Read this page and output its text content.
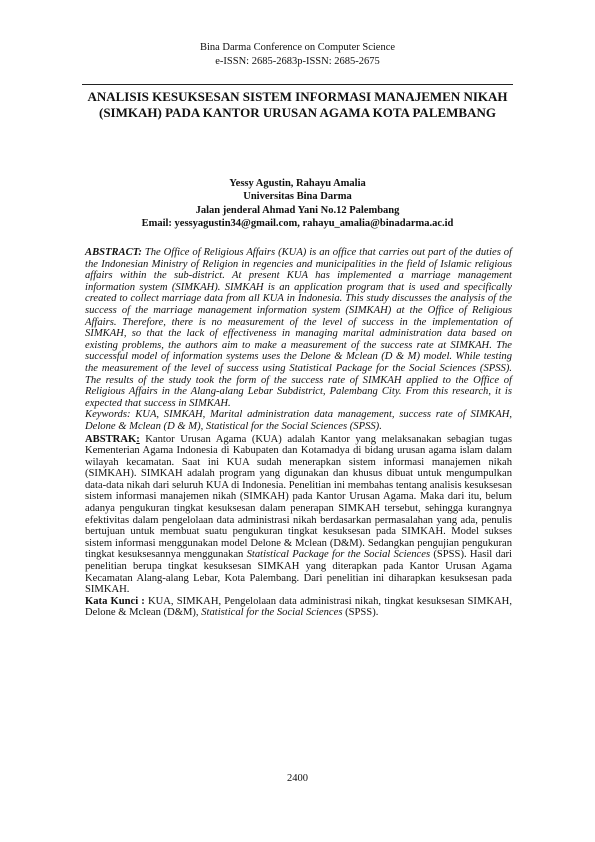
Bina Darma Conference on Computer Science
e-ISSN: 2685-2683p-ISSN: 2685-2675
ANALISIS KESUKSESAN SISTEM INFORMASI MANAJEMEN NIKAH (SIMKAH) PADA KANTOR URUSAN AGAMA KOTA PALEMBANG
Yessy Agustin, Rahayu Amalia
Universitas Bina Darma
Jalan jenderal Ahmad Yani No.12 Palembang
Email: yessyagustin34@gmail.com, rahayu_amalia@binadarma.ac.id

ABSTRACT: The Office of Religious Affairs (KUA) is an office that carries out part of the duties of the Indonesian Ministry of Religion in regencies and municipalities in the field of Islamic religious affairs within the sub-district. At present KUA has implemented a marriage management information system (SIMKAH). SIMKAH is an application program that is used and specifically created to collect marriage data from all KUA in Indonesia. This study discusses the analysis of the success of the marriage management information system (SIMKAH) at the Office of Religious Affairs. Therefore, there is no measurement of the level of success in the implementation of SIMKAH, so that the lack of effectiveness in managing marital administration data based on existing problems, the authors aim to make a measurement of the success rate at SIMKAH. The successful model of information systems uses the Delone & Mclean (D & M) model. While testing the measurement of the level of success using Statistical Package for the Social Sciences (SPSS). The results of the study took the form of the success rate of SIMKAH applied to the Office of Religious Affairs in the Alang-alang Lebar Subdistrict, Palembang City. From this research, it is expected that success in SIMKAH.

Keywords: KUA, SIMKAH, Marital administration data management, success rate of SIMKAH, Delone & Mclean (D & M), Statistical for the Social Sciences (SPSS).

ABSTRAK: Kantor Urusan Agama (KUA) adalah Kantor yang melaksanakan sebagian tugas Kementerian Agama Indonesia di Kabupaten dan Kotamadya di bidang urusan agama islam dalam wilayah kecamatan. Saat ini KUA sudah menerapkan sistem informasi manajemen nikah (SIMKAH). SIMKAH adalah program yang digunakan dan khusus dibuat untuk mengumpulkan data-data nikah dari seluruh KUA di Indonesia. Penelitian ini membahas tentang analisis kesuksesan sistem informasi manajemen nikah (SIMKAH) pada Kantor Urusan Agama. Maka dari itu, belum adanya pengukuran tingkat kesuksesan dalam penerapan SIMKAH tersebut, sehingga kurangnya efektivitas dalam pengelolaan data administrasi nikah berdasarkan permasalahan yang ada, penulis bertujuan untuk membuat suatu pengukuran tingkat kesuksesan pada SIMKAH. Model sukses sistem informasi menggunakan model Delone & Mclean (D&M). Sedangkan pengujian pengukuran tingkat kesuksesannya menggunakan Statistical Package for the Social Sciences (SPSS). Hasil dari penelitian berupa tingkat kesuksesan SIMKAH yang diterapkan pada Kantor Urusan Agama Kecamatan Alang-alang Lebar, Kota Palembang. Dari penelitian ini diharapkan kesuksesan pada SIMKAH.

Kata Kunci : KUA, SIMKAH, Pengelolaan data administrasi nikah, tingkat kesuksesan SIMKAH, Delone & Mclean (D&M), Statistical for the Social Sciences (SPSS).

2400
